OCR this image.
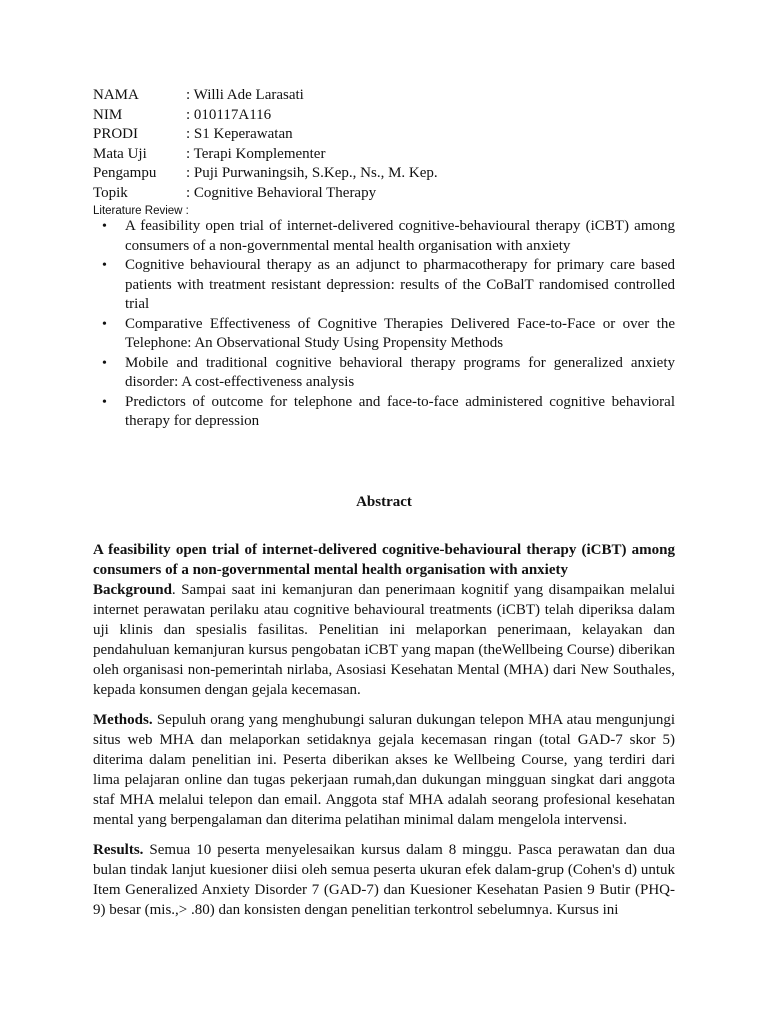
NAMA	: Willi Ade Larasati
NIM	: 010117A116
PRODI	: S1 Keperawatan
Mata Uji	: Terapi Komplementer
Pengampu	: Puji Purwaningsih, S.Kep., Ns., M. Kep.
Topik	: Cognitive Behavioral Therapy
Literature Review :
• A feasibility open trial of internet-delivered cognitive-behavioural therapy (iCBT) among consumers of a non-governmental mental health organisation with anxiety
• Cognitive behavioural therapy as an adjunct to pharmacotherapy for primary care based patients with treatment resistant depression: results of the CoBalT randomised controlled trial
• Comparative Effectiveness of Cognitive Therapies Delivered Face-to-Face or over the Telephone: An Observational Study Using Propensity Methods
• Mobile and traditional cognitive behavioral therapy programs for generalized anxiety disorder: A cost-effectiveness analysis
• Predictors of outcome for telephone and face-to-face administered cognitive behavioral therapy for depression
Abstract

A feasibility open trial of internet-delivered cognitive-behavioural therapy (iCBT) among consumers of a non-governmental mental health organisation with anxiety

Background. Sampai saat ini kemanjuran dan penerimaan kognitif yang disampaikan melalui internet perawatan perilaku atau cognitive behavioural treatments (iCBT) telah diperiksa dalam uji klinis dan spesialis fasilitas. Penelitian ini melaporkan penerimaan, kelayakan dan pendahuluan kemanjuran kursus pengobatan iCBT yang mapan (theWellbeing Course) diberikan oleh organisasi non-pemerintah nirlaba, Asosiasi Kesehatan Mental (MHA) dari New Southales, kepada konsumen dengan gejala kecemasan.

Methods. Sepuluh orang yang menghubungi saluran dukungan telepon MHA atau mengunjungi situs web MHA dan melaporkan setidaknya gejala kecemasan ringan (total GAD-7 skor 5) diterima dalam penelitian ini. Peserta diberikan akses ke Wellbeing Course, yang terdiri dari lima pelajaran online dan tugas pekerjaan rumah,dan dukungan mingguan singkat dari anggota staf MHA melalui telepon dan email. Anggota staf MHA adalah seorang profesional kesehatan mental yang berpengalaman dan diterima pelatihan minimal dalam mengelola intervensi.

Results. Semua 10 peserta menyelesaikan kursus dalam 8 minggu. Pasca perawatan dan dua bulan tindak lanjut kuesioner diisi oleh semua peserta ukuran efek dalam-grup (Cohen's d) untuk Item Generalized Anxiety Disorder 7 (GAD-7) dan Kuesioner Kesehatan Pasien 9 Butir (PHQ-9) besar (mis.,> .80) dan konsisten dengan penelitian terkontrol sebelumnya. Kursus ini
